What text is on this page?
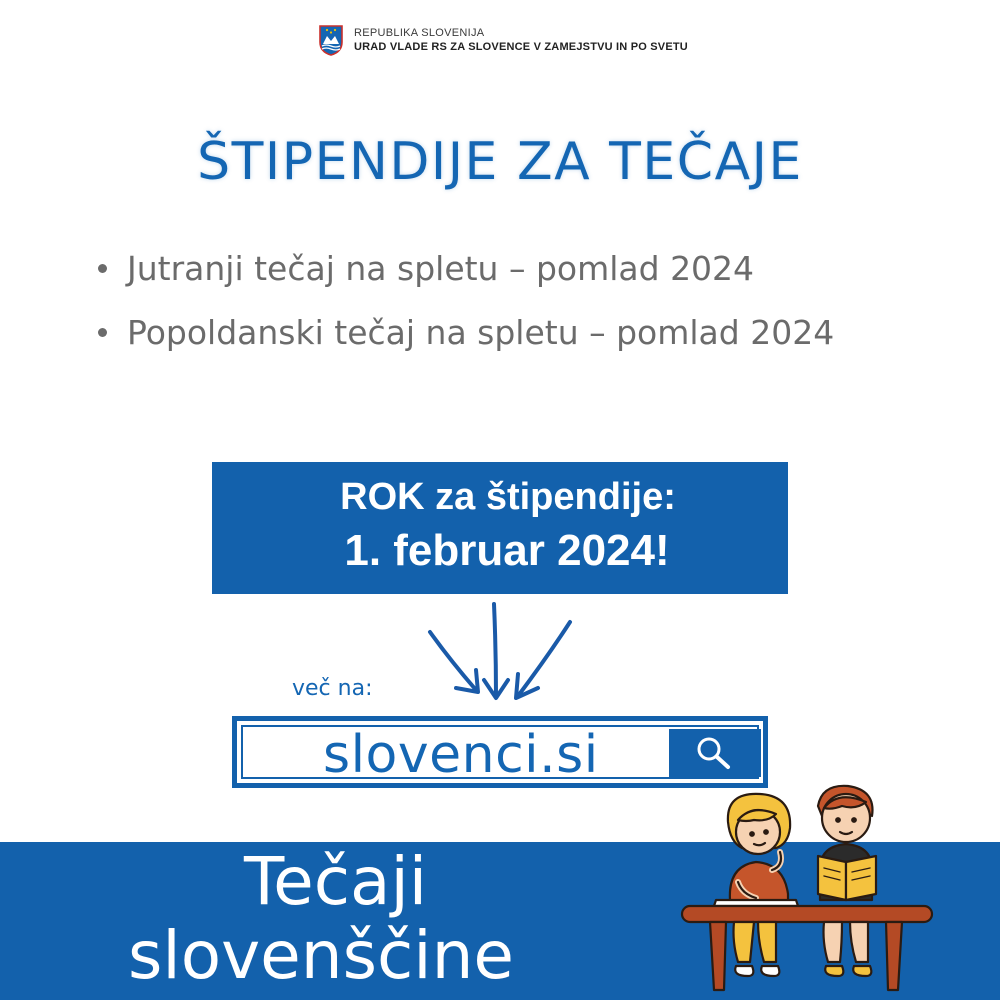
REPUBLIKA SLOVENIJA
URAD VLADE RS ZA SLOVENCE V ZAMEJSTVU IN PO SVETU
ŠTIPENDIJE ZA TEČAJE
Jutranji tečaj na spletu – pomlad 2024
Popoldanski tečaj na spletu – pomlad 2024
ROK za štipendije:
1. februar 2024!
več na:
slovenci.si
Tečaji
slovenščine
